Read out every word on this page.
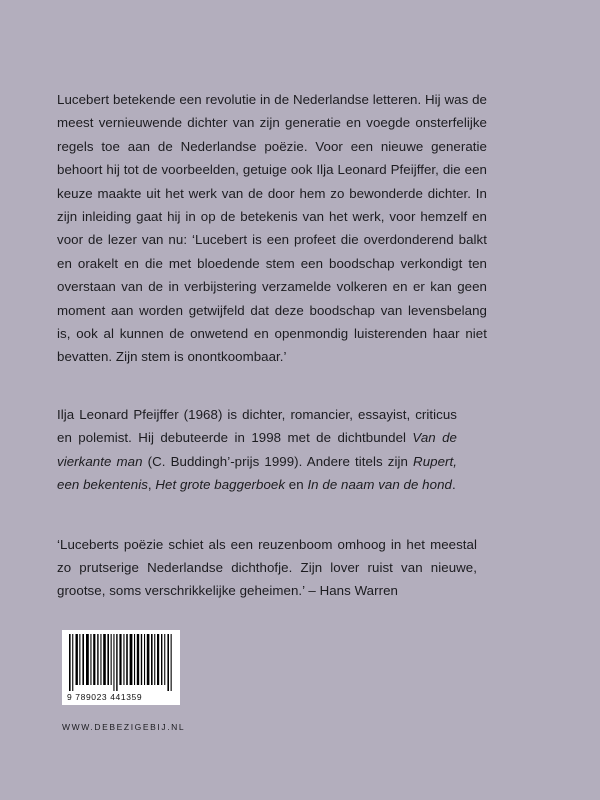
Lucebert betekende een revolutie in de Nederlandse letteren. Hij was de meest vernieuwende dichter van zijn generatie en voegde onsterfelijke regels toe aan de Nederlandse poëzie. Voor een nieuwe generatie behoort hij tot de voorbeelden, getuige ook Ilja Leonard Pfeijffer, die een keuze maakte uit het werk van de door hem zo bewonderde dichter. In zijn inleiding gaat hij in op de betekenis van het werk, voor hemzelf en voor de lezer van nu: ‘Lucebert is een profeet die overdonderend balkt en orakelt en die met bloedende stem een boodschap verkondigt ten overstaan van de in verbijstering verzamelde volkeren en er kan geen moment aan worden getwijfeld dat deze boodschap van levensbelang is, ook al kunnen de onwetend en openmondig luisterenden haar niet bevatten. Zijn stem is onontkoombaar.’

Ilja Leonard Pfeijffer (1968) is dichter, romancier, essayist, criticus en polemist. Hij debuteerde in 1998 met de dichtbundel Van de vierkante man (C. Buddingh’-prijs 1999). Andere titels zijn Rupert, een bekentenis, Het grote baggerboek en In de naam van de hond.

‘Luceberts poëzie schiet als een reuzenboom omhoog in het meestal zo prutserige Nederlandse dichthofje. Zijn lover ruist van nieuwe, grootse, soms verschrikkelijke geheimen.’ – Hans Warren

9 789023 441359
WWW.DEBEZIGEBIJ.NL
